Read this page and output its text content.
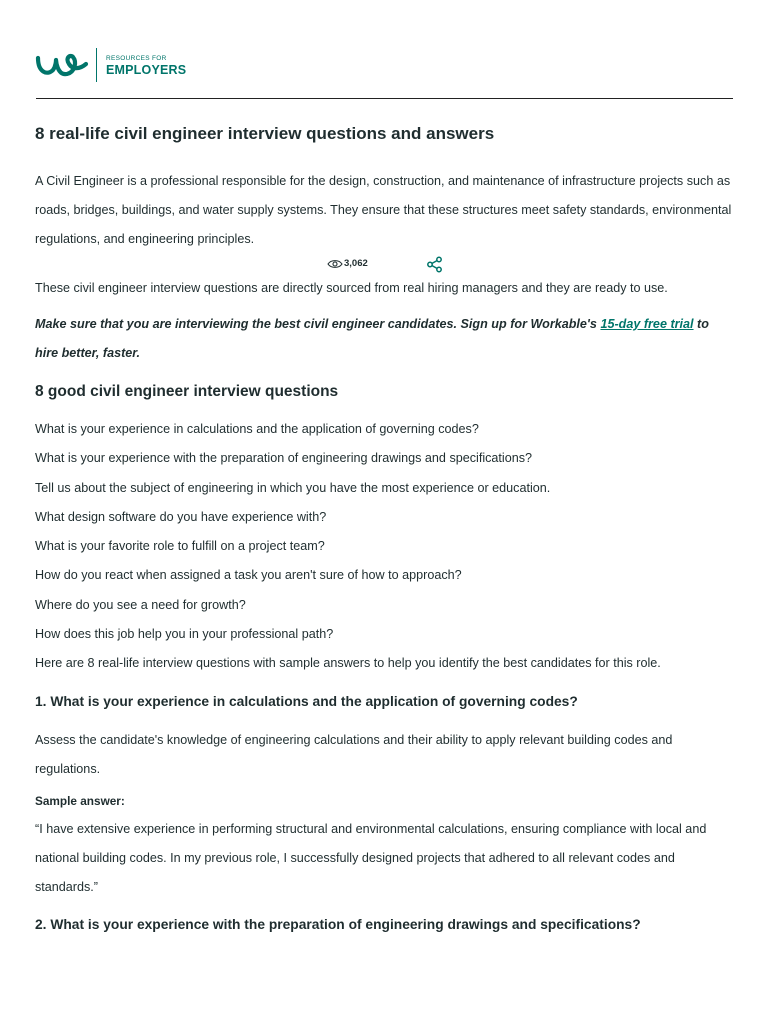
RESOURCES FOR
EMPLOYERS
8 real-life civil engineer interview questions and answers

A Civil Engineer is a professional responsible for the design, construction, and maintenance of infrastructure projects such as roads, bridges, buildings, and water supply systems. They ensure that these structures meet safety standards, environmental regulations, and engineering principles.

3,062

These civil engineer interview questions are directly sourced from real hiring managers and they are ready to use.

Make sure that you are interviewing the best civil engineer candidates. Sign up for Workable's 15-day free trial to hire better, faster.

8 good civil engineer interview questions
What is your experience in calculations and the application of governing codes?
What is your experience with the preparation of engineering drawings and specifications?
Tell us about the subject of engineering in which you have the most experience or education.
What design software do you have experience with?
What is your favorite role to fulfill on a project team?
How do you react when assigned a task you aren't sure of how to approach?
Where do you see a need for growth?
How does this job help you in your professional path?
Here are 8 real-life interview questions with sample answers to help you identify the best candidates for this role.
1. What is your experience in calculations and the application of governing codes?

Assess the candidate's knowledge of engineering calculations and their ability to apply relevant building codes and regulations.

Sample answer:

“I have extensive experience in performing structural and environmental calculations, ensuring compliance with local and national building codes. In my previous role, I successfully designed projects that adhered to all relevant codes and standards.”

2. What is your experience with the preparation of engineering drawings and specifications?
